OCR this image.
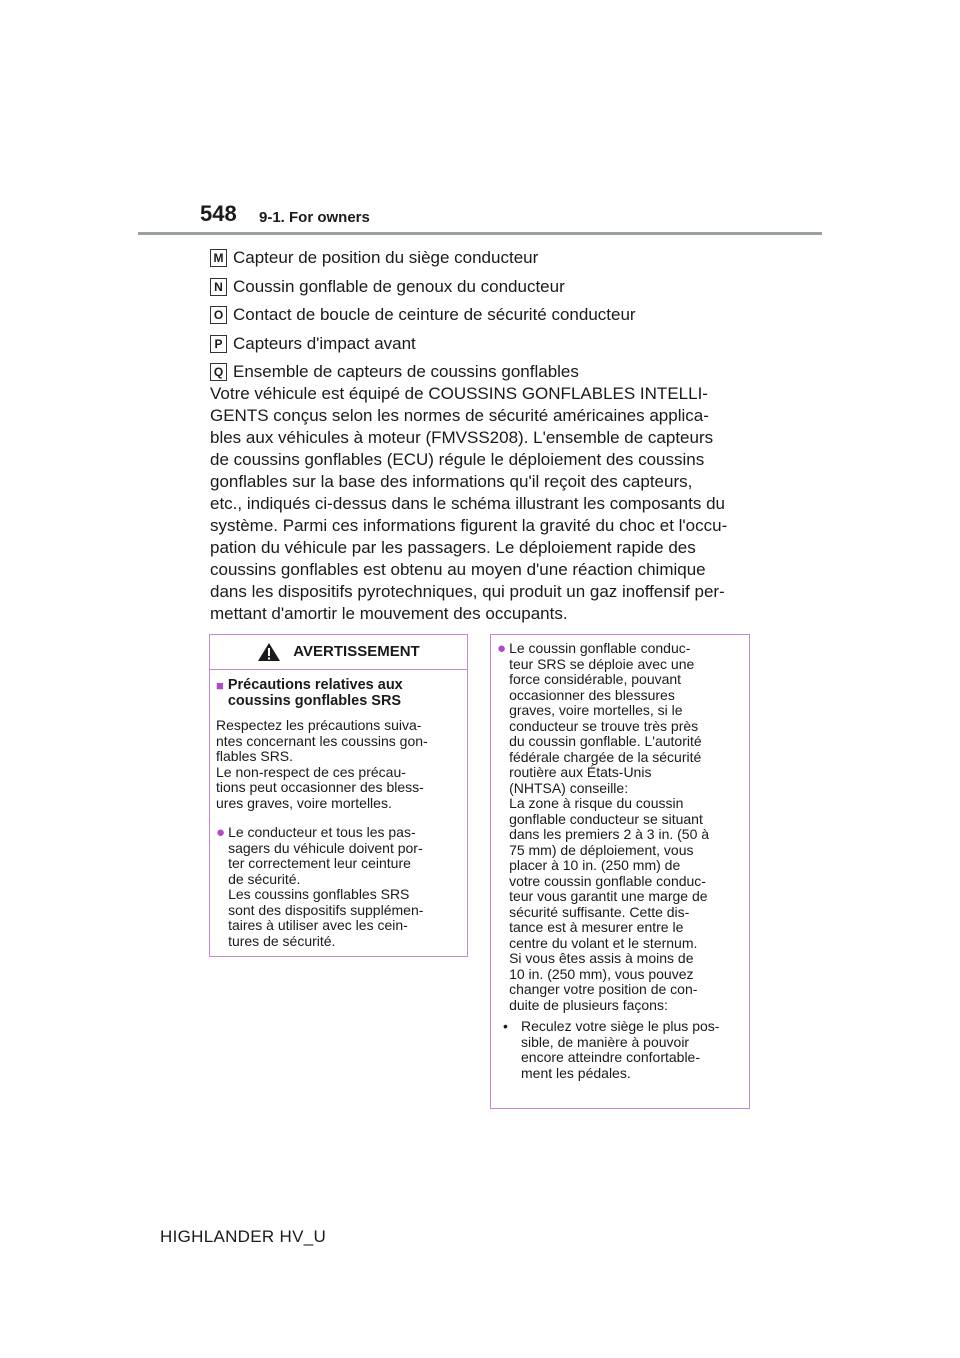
548 9-1. For owners
M Capteur de position du siège conducteur
N Coussin gonflable de genoux du conducteur
O Contact de boucle de ceinture de sécurité conducteur
P Capteurs d'impact avant
Q Ensemble de capteurs de coussins gonflables
Votre véhicule est équipé de COUSSINS GONFLABLES INTELLI-
GENTS conçus selon les normes de sécurité américaines applica-
bles aux véhicules à moteur (FMVSS208). L'ensemble de capteurs
de coussins gonflables (ECU) régule le déploiement des coussins
gonflables sur la base des informations qu'il reçoit des capteurs,
etc., indiqués ci-dessus dans le schéma illustrant les composants du
système. Parmi ces informations figurent la gravité du choc et l'occu-
pation du véhicule par les passagers. Le déploiement rapide des
coussins gonflables est obtenu au moyen d'une réaction chimique
dans les dispositifs pyrotechniques, qui produit un gaz inoffensif per-
mettant d'amortir le mouvement des occupants.
AVERTISSEMENT
■ Précautions relatives aux
coussins gonflables SRS
Respectez les précautions suiva-
ntes concernant les coussins gon-
flables SRS.
Le non-respect de ces précau-
tions peut occasionner des bless-
ures graves, voire mortelles.
● Le conducteur et tous les pas-
sagers du véhicule doivent por-
ter correctement leur ceinture
de sécurité.
Les coussins gonflables SRS
sont des dispositifs supplémen-
taires à utiliser avec les cein-
tures de sécurité.
● Le coussin gonflable conduc-
teur SRS se déploie avec une
force considérable, pouvant
occasionner des blessures
graves, voire mortelles, si le
conducteur se trouve très près
du coussin gonflable. L'autorité
fédérale chargée de la sécurité
routière aux États-Unis
(NHTSA) conseille:
La zone à risque du coussin
gonflable conducteur se situant
dans les premiers 2 à 3 in. (50 à
75 mm) de déploiement, vous
placer à 10 in. (250 mm) de
votre coussin gonflable conduc-
teur vous garantit une marge de
sécurité suffisante. Cette dis-
tance est à mesurer entre le
centre du volant et le sternum.
Si vous êtes assis à moins de
10 in. (250 mm), vous pouvez
changer votre position de con-
duite de plusieurs façons:
• Reculez votre siège le plus pos-
sible, de manière à pouvoir
encore atteindre confortable-
ment les pédales.
HIGHLANDER HV_U
